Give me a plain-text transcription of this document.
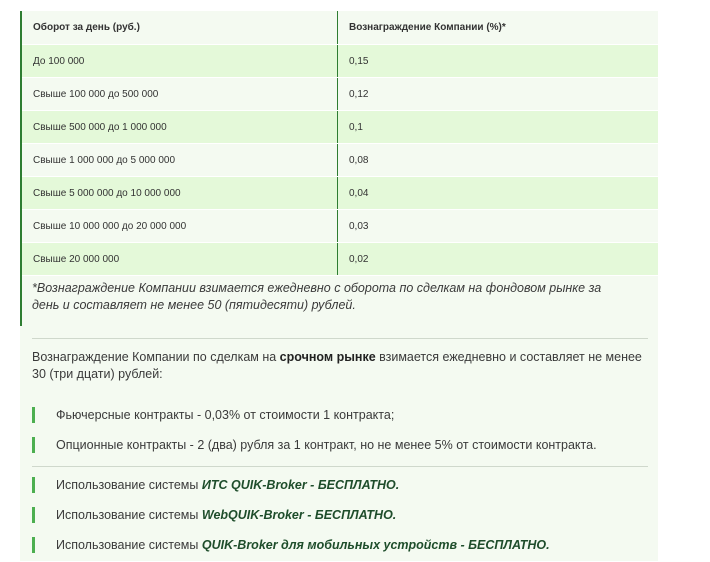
Оборот за день (руб.)	Вознаграждение Компании (%)*
До 100 000	0,15
Свыше 100 000 до 500 000	0,12
Свыше 500 000 до 1 000 000	0,1
Свыше 1 000 000 до 5 000 000	0,08
Свыше 5 000 000 до 10 000 000	0,04
Свыше 10 000 000 до 20 000 000	0,03
Свыше 20 000 000	0,02
*Вознаграждение Компании взимается ежедневно с оборота по сделкам на фондовом рынке за день и составляет не менее 50 (пятидесяти) рублей.
Вознаграждение Компании по сделкам на срочном рынке взимается ежедневно и составляет не менее 30 (три дцати) рублей:
Фьючерсные контракты - 0,03% от стоимости 1 контракта;
Опционные контракты - 2 (два) рубля за 1 контракт, но не менее 5% от стоимости контракта.
Использование системы ИТС QUIK-Broker - БЕСПЛАТНО.
Использование системы WebQUIK-Broker - БЕСПЛАТНО.
Использование системы QUIK-Broker для мобильных устройств - БЕСПЛАТНО.
